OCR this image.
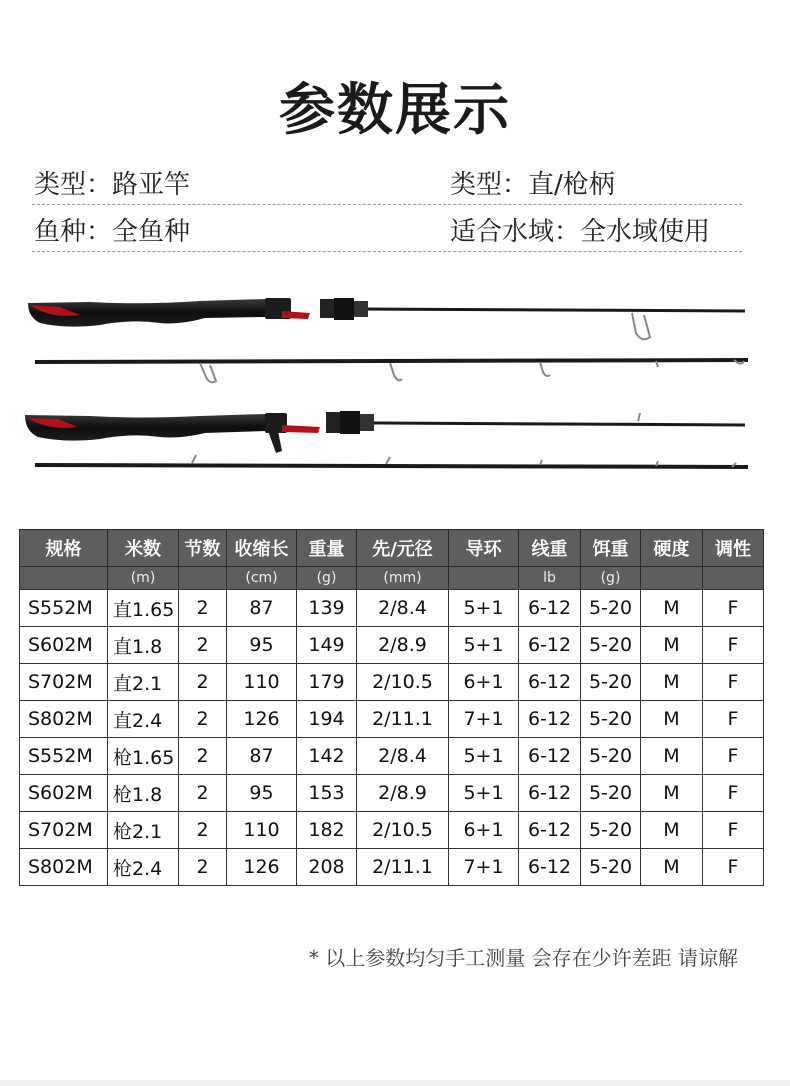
参数展示
类型：路亚竿	类型：直/枪柄
鱼种：全鱼种	适合水域：全水域使用
规格	米数	节数	收缩长	重量	先/元径	导环	线重	饵重	硬度	调性
	(m)		(cm)	(g)	(mm)		lb	(g)		
S552M	直1.65	2	87	139	2/8.4	5+1	6-12	5-20	M	F
S602M	直1.8	2	95	149	2/8.9	5+1	6-12	5-20	M	F
S702M	直2.1	2	110	179	2/10.5	6+1	6-12	5-20	M	F
S802M	直2.4	2	126	194	2/11.1	7+1	6-12	5-20	M	F
S552M	枪1.65	2	87	142	2/8.4	5+1	6-12	5-20	M	F
S602M	枪1.8	2	95	153	2/8.9	5+1	6-12	5-20	M	F
S702M	枪2.1	2	110	182	2/10.5	6+1	6-12	5-20	M	F
S802M	枪2.4	2	126	208	2/11.1	7+1	6-12	5-20	M	F
* 以上参数均匀手工测量 会存在少许差距 请谅解
